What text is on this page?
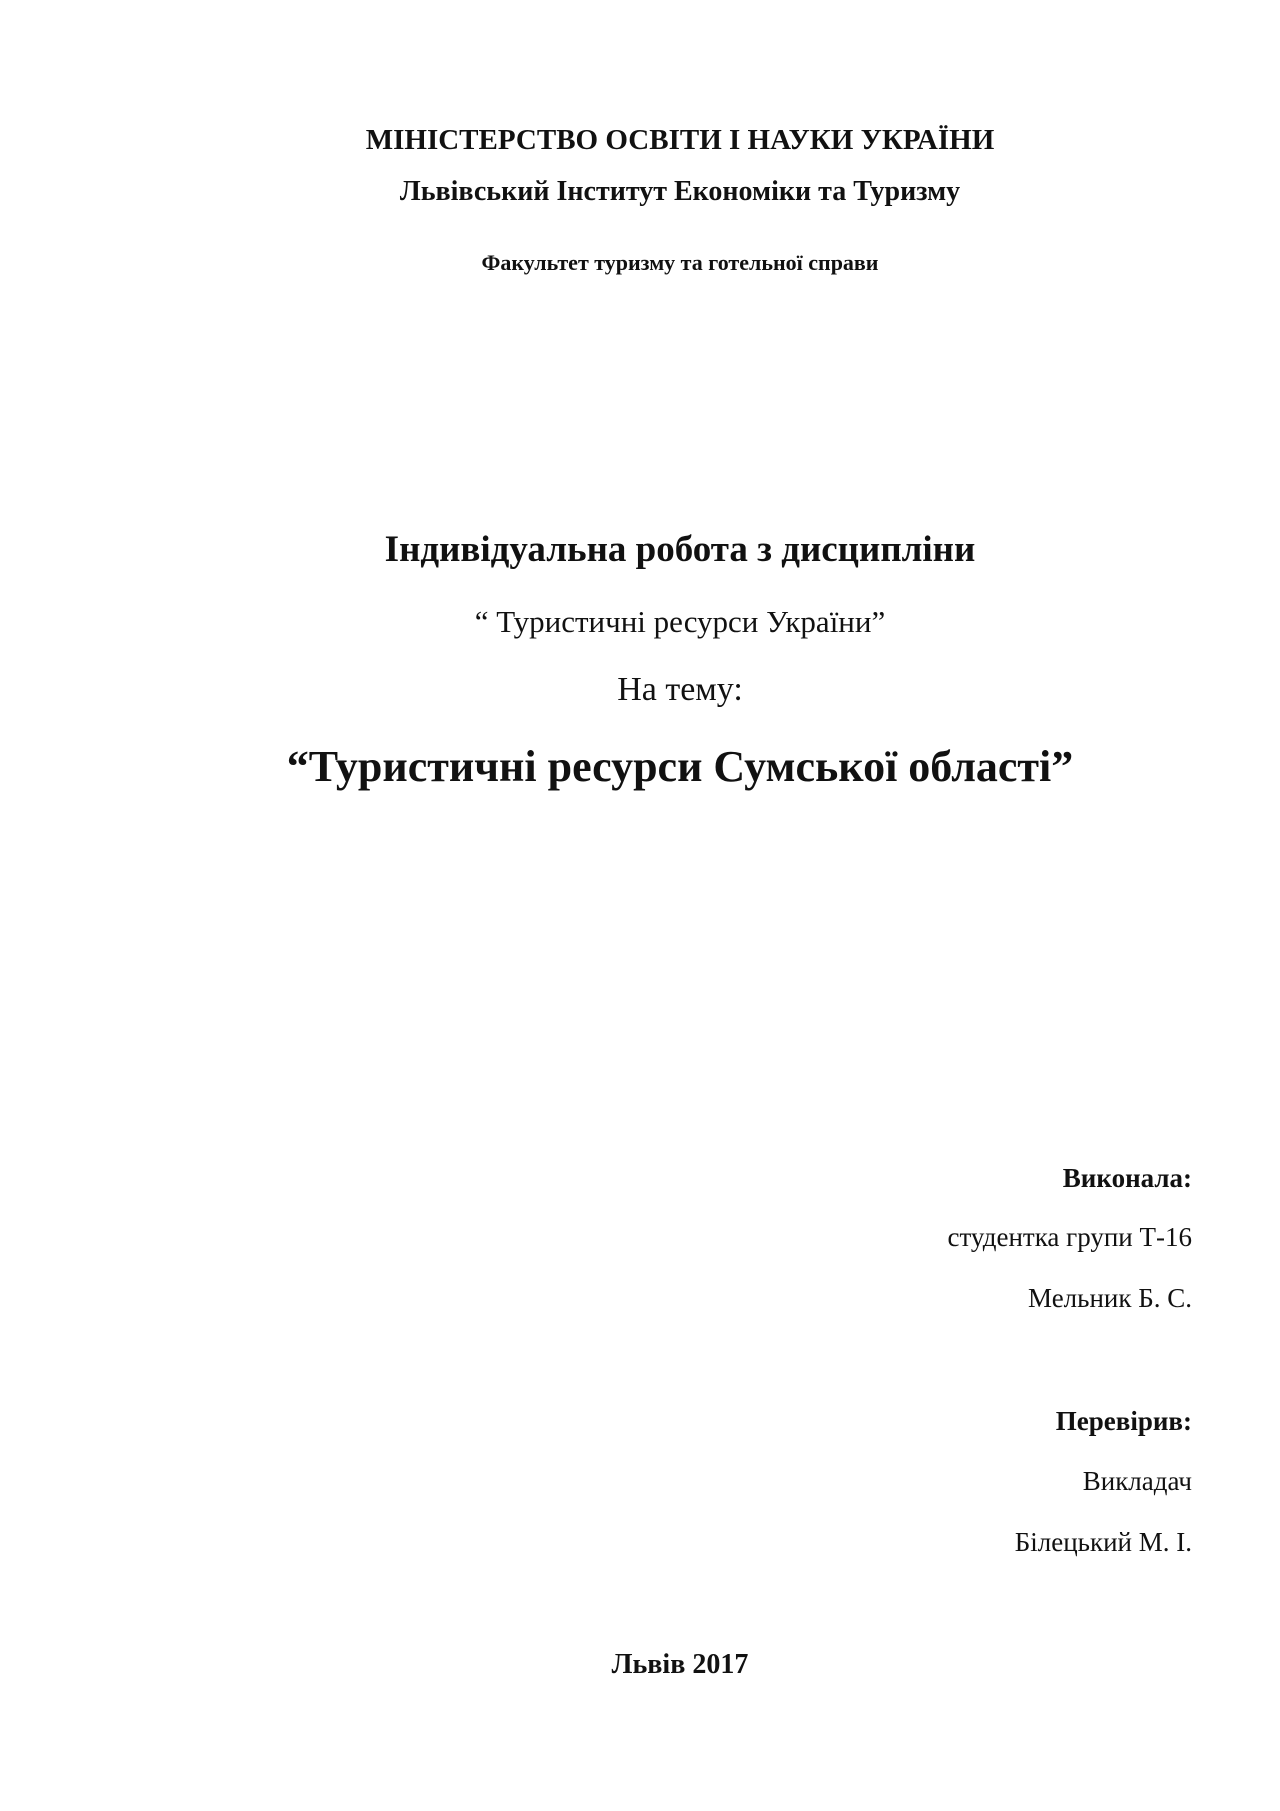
МІНІСТЕРСТВО ОСВІТИ І НАУКИ УКРАЇНИ
Львівський Інститут Економіки та Туризму
Факультет туризму та готельної справи
Індивідуальна робота з дисципліни
“ Туристичні ресурси України”
На тему:
“Туристичні ресурси Сумської області”
Виконала:
студентка групи Т-16
Мельник Б. С.
Перевірив:
Викладач
Білецький М. І.
Львів 2017
